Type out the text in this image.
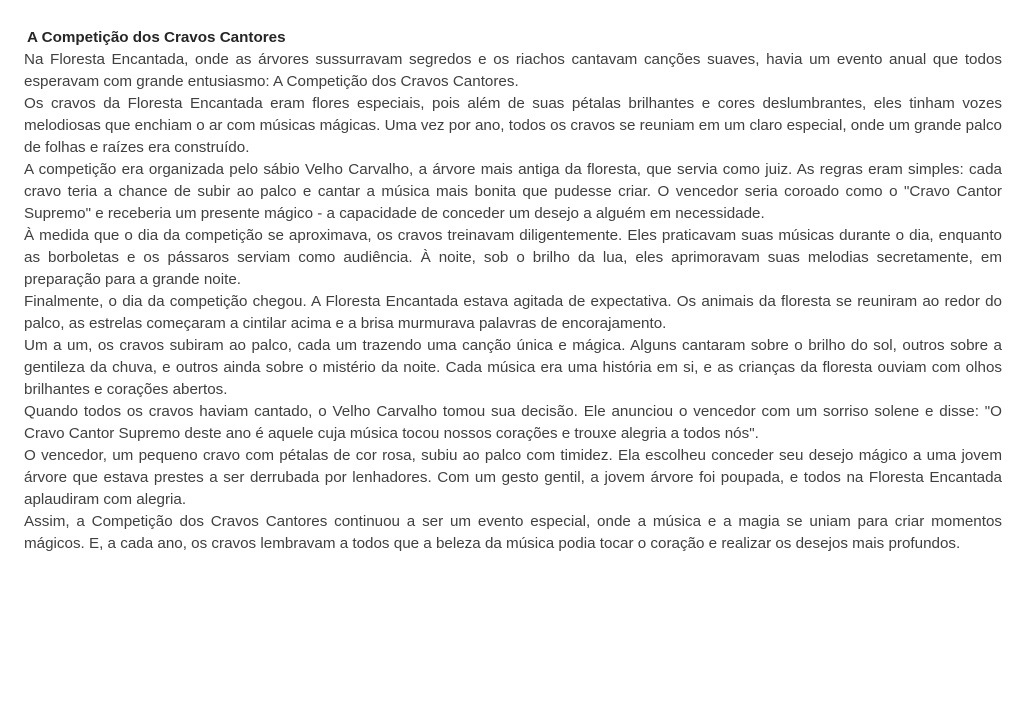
A Competição dos Cravos Cantores

Na Floresta Encantada, onde as árvores sussurravam segredos e os riachos cantavam canções suaves, havia um evento anual que todos esperavam com grande entusiasmo: A Competição dos Cravos Cantores.

Os cravos da Floresta Encantada eram flores especiais, pois além de suas pétalas brilhantes e cores deslumbrantes, eles tinham vozes melodiosas que enchiam o ar com músicas mágicas. Uma vez por ano, todos os cravos se reuniam em um claro especial, onde um grande palco de folhas e raízes era construído.

A competição era organizada pelo sábio Velho Carvalho, a árvore mais antiga da floresta, que servia como juiz. As regras eram simples: cada cravo teria a chance de subir ao palco e cantar a música mais bonita que pudesse criar. O vencedor seria coroado como o "Cravo Cantor Supremo" e receberia um presente mágico - a capacidade de conceder um desejo a alguém em necessidade.

À medida que o dia da competição se aproximava, os cravos treinavam diligentemente. Eles praticavam suas músicas durante o dia, enquanto as borboletas e os pássaros serviam como audiência. À noite, sob o brilho da lua, eles aprimoravam suas melodias secretamente, em preparação para a grande noite.

Finalmente, o dia da competição chegou. A Floresta Encantada estava agitada de expectativa. Os animais da floresta se reuniram ao redor do palco, as estrelas começaram a cintilar acima e a brisa murmurava palavras de encorajamento.

Um a um, os cravos subiram ao palco, cada um trazendo uma canção única e mágica. Alguns cantaram sobre o brilho do sol, outros sobre a gentileza da chuva, e outros ainda sobre o mistério da noite. Cada música era uma história em si, e as crianças da floresta ouviam com olhos brilhantes e corações abertos.

Quando todos os cravos haviam cantado, o Velho Carvalho tomou sua decisão. Ele anunciou o vencedor com um sorriso solene e disse: "O Cravo Cantor Supremo deste ano é aquele cuja música tocou nossos corações e trouxe alegria a todos nós".

O vencedor, um pequeno cravo com pétalas de cor rosa, subiu ao palco com timidez. Ela escolheu conceder seu desejo mágico a uma jovem árvore que estava prestes a ser derrubada por lenhadores. Com um gesto gentil, a jovem árvore foi poupada, e todos na Floresta Encantada aplaudiram com alegria.

Assim, a Competição dos Cravos Cantores continuou a ser um evento especial, onde a música e a magia se uniam para criar momentos mágicos. E, a cada ano, os cravos lembravam a todos que a beleza da música podia tocar o coração e realizar os desejos mais profundos.
